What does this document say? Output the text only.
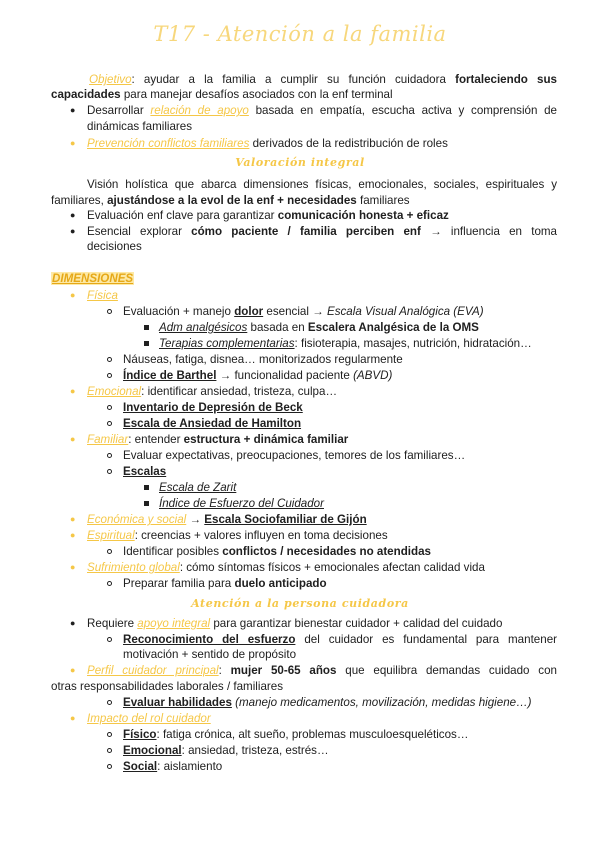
T17 - Atención a la familia
Objetivo: ayudar a la familia a cumplir su función cuidadora fortaleciendo sus
capacidades para manejar desafíos asociados con la enf terminal
● Desarrollar relación de apoyo basada en empatía, escucha activa y comprensión de
dinámicas familiares
● Prevención conflictos familiares derivados de la redistribución de roles
Valoración integral
Visión holística que abarca dimensiones físicas, emocionales, sociales, espirituales y
familiares, ajustándose a la evol de la enf + necesidades familiares
● Evaluación enf clave para garantizar comunicación honesta + eficaz
● Esencial explorar cómo paciente / familia perciben enf → influencia en toma
decisiones
DIMENSIONES
● Física
Evaluación + manejo dolor esencial → Escala Visual Analógica (EVA)
Adm analgésicos basada en Escalera Analgésica de la OMS
Terapias complementarias: fisioterapia, masajes, nutrición, hidratación…
Náuseas, fatiga, disnea… monitorizados regularmente
Índice de Barthel → funcionalidad paciente (ABVD)
● Emocional: identificar ansiedad, tristeza, culpa…
Inventario de Depresión de Beck
Escala de Ansiedad de Hamilton
● Familiar: entender estructura + dinámica familiar
Evaluar expectativas, preocupaciones, temores de los familiares…
Escalas
Escala de Zarit
Índice de Esfuerzo del Cuidador
● Económica y social → Escala Sociofamiliar de Gijón
● Espiritual: creencias + valores influyen en toma decisiones
Identificar posibles conflictos / necesidades no atendidas
● Sufrimiento global: cómo síntomas físicos + emocionales afectan calidad vida
Preparar familia para duelo anticipado
Atención a la persona cuidadora
● Requiere apoyo integral para garantizar bienestar cuidador + calidad del cuidado
Reconocimiento del esfuerzo del cuidador es fundamental para mantener
motivación + sentido de propósito
● Perfil cuidador principal: mujer 50-65 años que equilibra demandas cuidado con
otras responsabilidades laborales / familiares
Evaluar habilidades (manejo medicamentos, movilización, medidas higiene…)
● Impacto del rol cuidador
Físico: fatiga crónica, alt sueño, problemas musculoesqueléticos…
Emocional: ansiedad, tristeza, estrés…
Social: aislamiento
